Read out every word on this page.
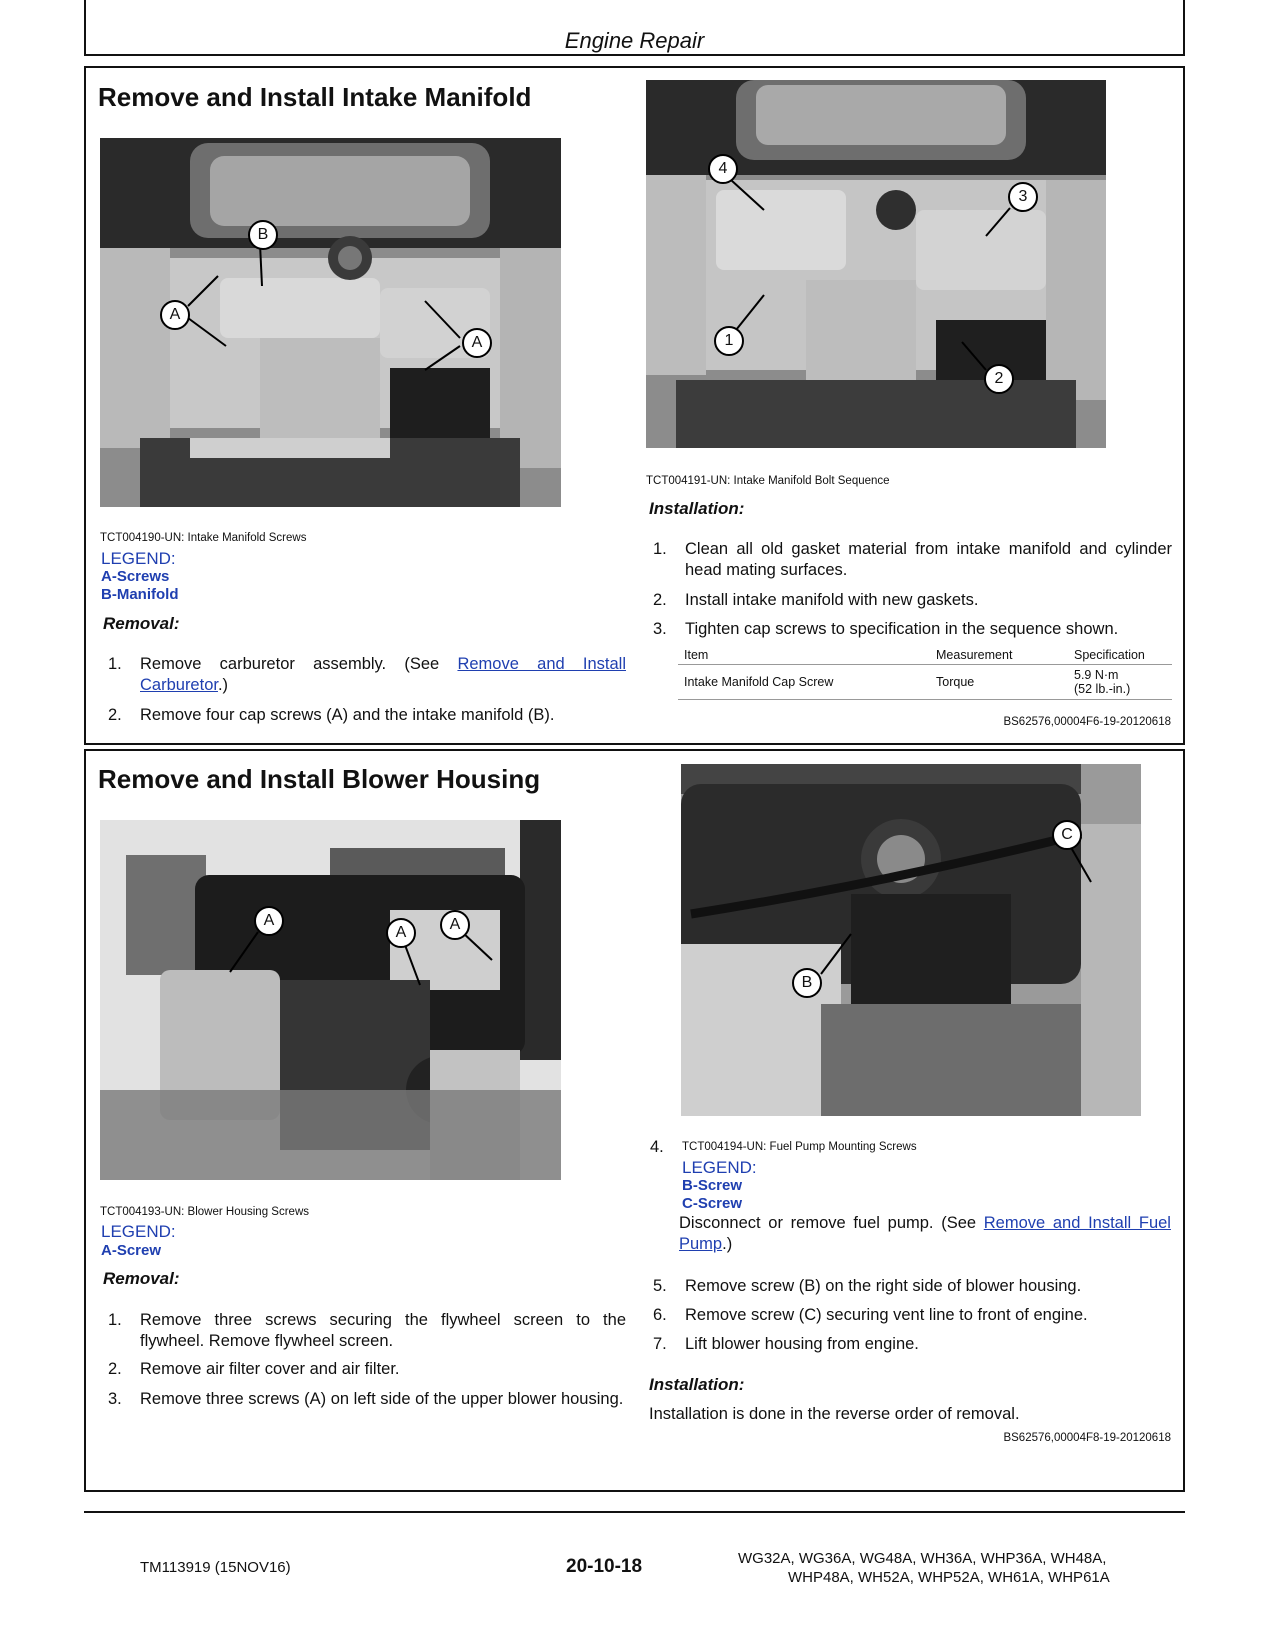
Engine Repair
Remove and Install Intake Manifold
B
A
A
TCT004190-UN: Intake Manifold Screws
LEGEND:
A-Screws
B-Manifold
Removal:
1. Remove carburetor assembly. (See Remove and Install Carburetor.)
2. Remove four cap screws (A) and the intake manifold (B).
4
3
1
2
TCT004191-UN: Intake Manifold Bolt Sequence
Installation:
1. Clean all old gasket material from intake manifold and cylinder head mating surfaces.
2. Install intake manifold with new gaskets.
3. Tighten cap screws to specification in the sequence shown.
Item	Measurement	Specification
Intake Manifold Cap Screw	Torque	5.9 N·m
(52 lb.-in.)
BS62576,00004F6-19-20120618
Remove and Install Blower Housing
A
A	A
TCT004193-UN: Blower Housing Screws
LEGEND:
A-Screw
Removal:
1. Remove three screws securing the flywheel screen to the flywheel. Remove flywheel screen.
2. Remove air filter cover and air filter.
3. Remove three screws (A) on left side of the upper blower housing.
C
B
4. TCT004194-UN: Fuel Pump Mounting Screws
LEGEND:
B-Screw
C-Screw
Disconnect or remove fuel pump. (See Remove and Install Fuel Pump.)
5. Remove screw (B) on the right side of blower housing.
6. Remove screw (C) securing vent line to front of engine.
7. Lift blower housing from engine.
Installation:
Installation is done in the reverse order of removal.
BS62576,00004F8-19-20120618
TM113919 (15NOV16)	20-10-18	WG32A, WG36A, WG48A, WH36A, WHP36A, WH48A,
WHP48A, WH52A, WHP52A, WH61A, WHP61A
